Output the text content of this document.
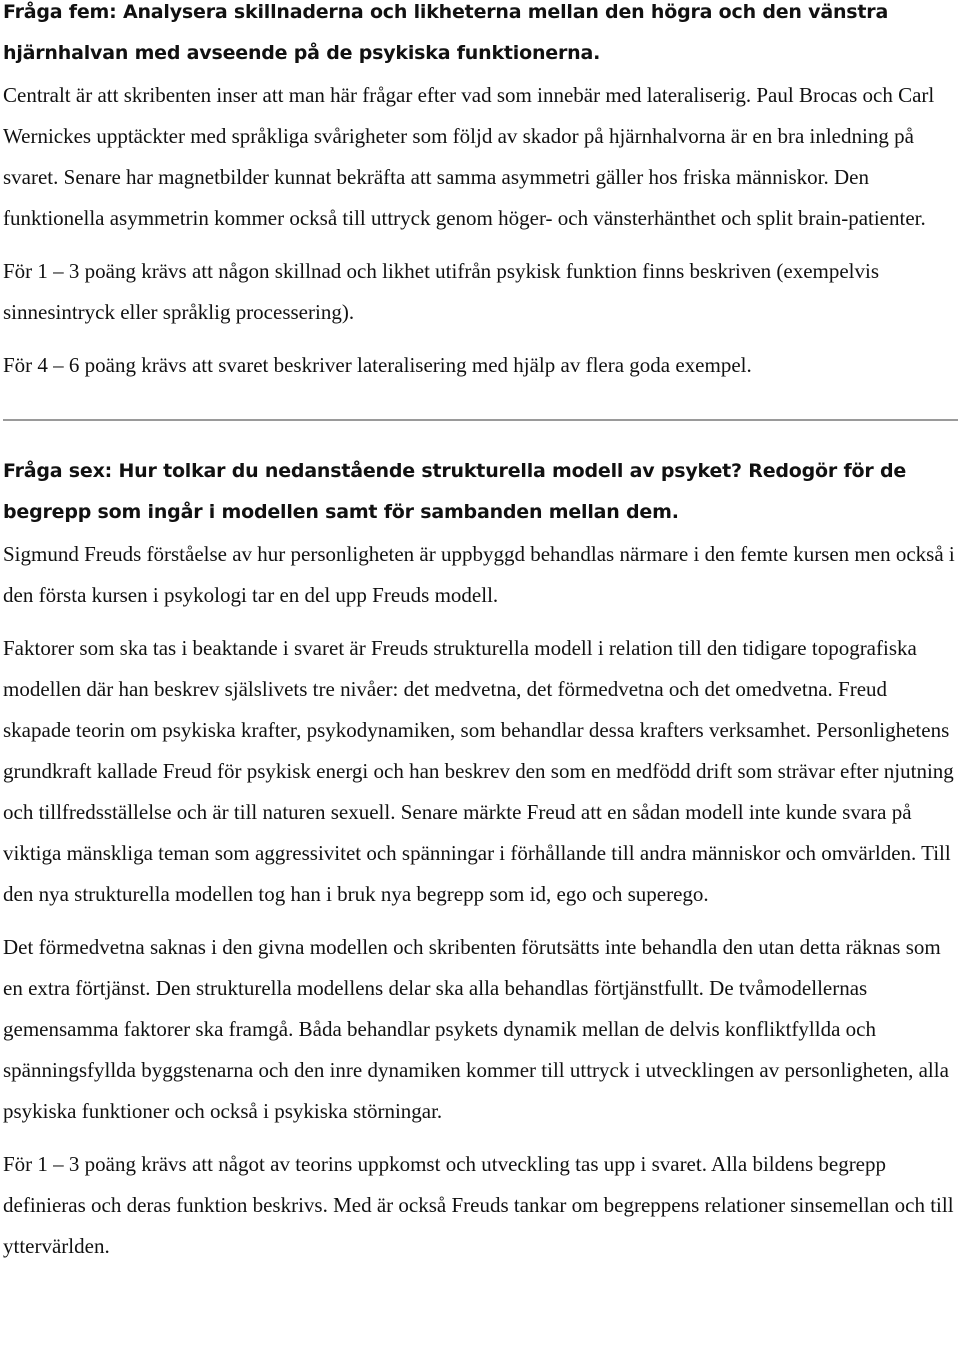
Fråga fem: Analysera skillnaderna och likheterna mellan den högra och den vänstra hjärnhalvan med avseende på de psykiska funktionerna.

Centralt är att skribenten inser att man här frågar efter vad som innebär med lateraliserig. Paul Brocas och Carl Wernickes upptäckter med språkliga svårigheter som följd av skador på hjärnhalvorna är en bra inledning på svaret. Senare har magnetbilder kunnat bekräfta att samma asymmetri gäller hos friska människor. Den funktionella asymmetrin kommer också till uttryck genom höger- och vänsterhänthet och split brain-patienter.

För 1 – 3 poäng krävs att någon skillnad och likhet utifrån psykisk funktion finns beskriven (exempelvis sinnesintryck eller språklig processering).

För 4 – 6 poäng krävs att svaret beskriver lateralisering med hjälp av flera goda exempel.

Fråga sex: Hur tolkar du nedanstående strukturella modell av psyket? Redogör för de begrepp som ingår i modellen samt för sambanden mellan dem.

Sigmund Freuds förståelse av hur personligheten är uppbyggd behandlas närmare i den femte kursen men också i den första kursen i psykologi tar en del upp Freuds modell.

Faktorer som ska tas i beaktande i svaret är Freuds strukturella modell i relation till den tidigare topografiska modellen där han beskrev själslivets tre nivåer: det medvetna, det förmedvetna och det omedvetna. Freud skapade teorin om psykiska krafter, psykodynamiken, som behandlar dessa krafters verksamhet. Personlighetens grundkraft kallade Freud för psykisk energi och han beskrev den som en medfödd drift som strävar efter njutning och tillfredsställelse och är till naturen sexuell. Senare märkte Freud att en sådan modell inte kunde svara på viktiga mänskliga teman som aggressivitet och spänningar i förhållande till andra människor och omvärlden. Till den nya strukturella modellen tog han i bruk nya begrepp som id, ego och superego.

Det förmedvetna saknas i den givna modellen och skribenten förutsätts inte behandla den utan detta räknas som en extra förtjänst. Den strukturella modellens delar ska alla behandlas förtjänstfullt. De tvåmodellernas gemensamma faktorer ska framgå. Båda behandlar psykets dynamik mellan de delvis konfliktfyllda och spänningsfyllda byggstenarna och den inre dynamiken kommer till uttryck i utvecklingen av personligheten, alla psykiska funktioner och också i psykiska störningar.

För 1 – 3 poäng krävs att något av teorins uppkomst och utveckling tas upp i svaret. Alla bildens begrepp definieras och deras funktion beskrivs. Med är också Freuds tankar om begreppens relationer sinsemellan och till yttervärlden.
